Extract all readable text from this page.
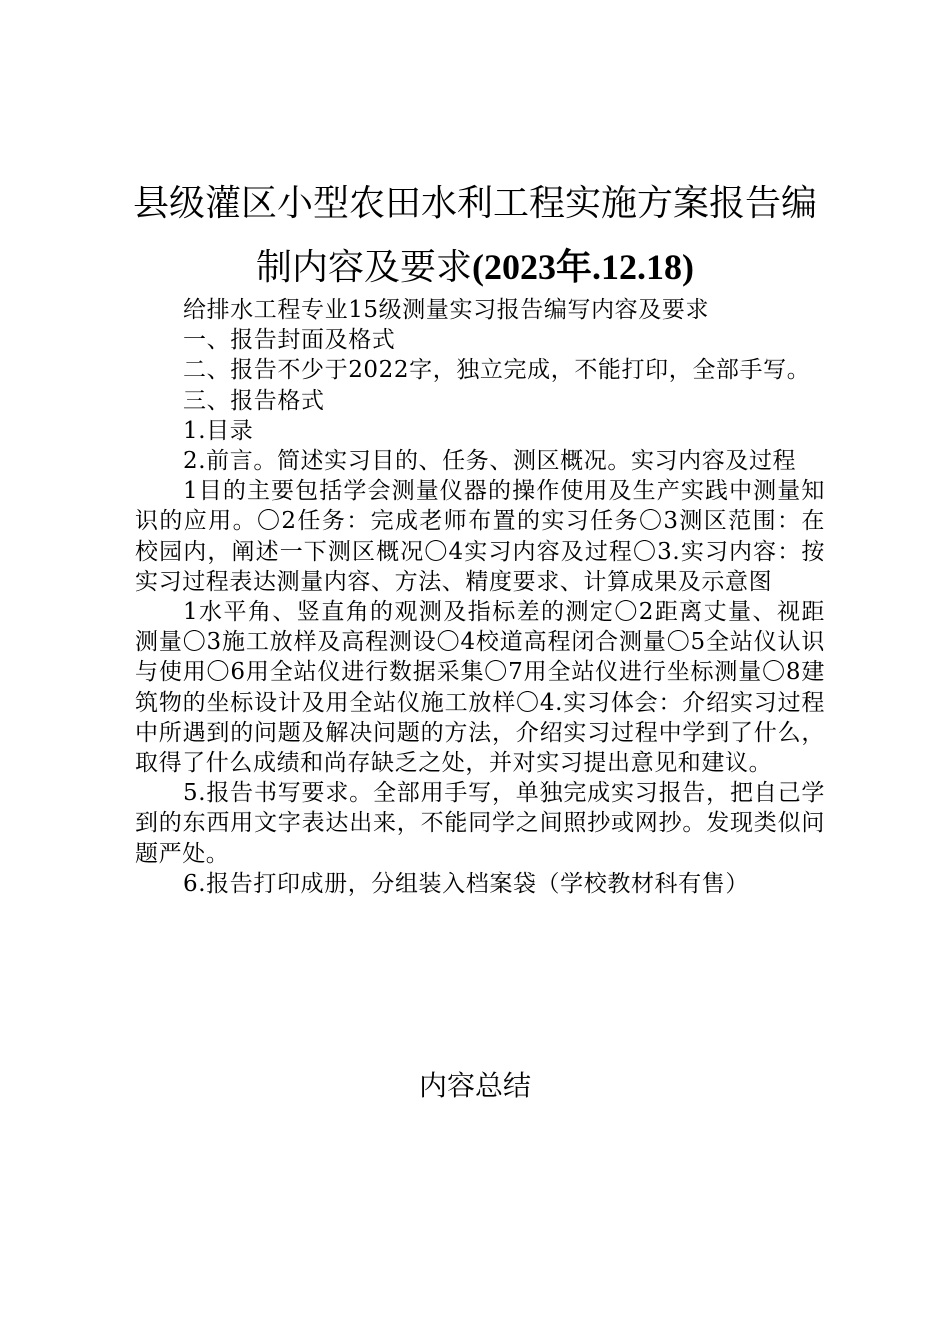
县级灌区小型农田水利工程实施方案报告编
制内容及要求(2023年.12.18)

给排水工程专业15级测量实习报告编写内容及要求

一、报告封面及格式

二、报告不少于2022字，独立完成，不能打印，全部手写。

三、报告格式

1.目录

2.前言。简述实习目的、任务、测区概况。实习内容及过程

1目的主要包括学会测量仪器的操作使用及生产实践中测量知识的应用。〇2任务：完成老师布置的实习任务〇3测区范围：在校园内，阐述一下测区概况〇4实习内容及过程〇3.实习内容：按实习过程表达测量内容、方法、精度要求、计算成果及示意图

1水平角、竖直角的观测及指标差的测定〇2距离丈量、视距测量〇3施工放样及高程测设〇4校道高程闭合测量〇5全站仪认识与使用〇6用全站仪进行数据采集〇7用全站仪进行坐标测量〇8建筑物的坐标设计及用全站仪施工放样〇4.实习体会：介绍实习过程中所遇到的问题及解决问题的方法，介绍实习过程中学到了什么，取得了什么成绩和尚存缺乏之处，并对实习提出意见和建议。

5.报告书写要求。全部用手写，单独完成实习报告，把自己学到的东西用文字表达出来，不能同学之间照抄或网抄。发现类似问题严处。

6.报告打印成册，分组装入档案袋（学校教材科有售）

内容总结
